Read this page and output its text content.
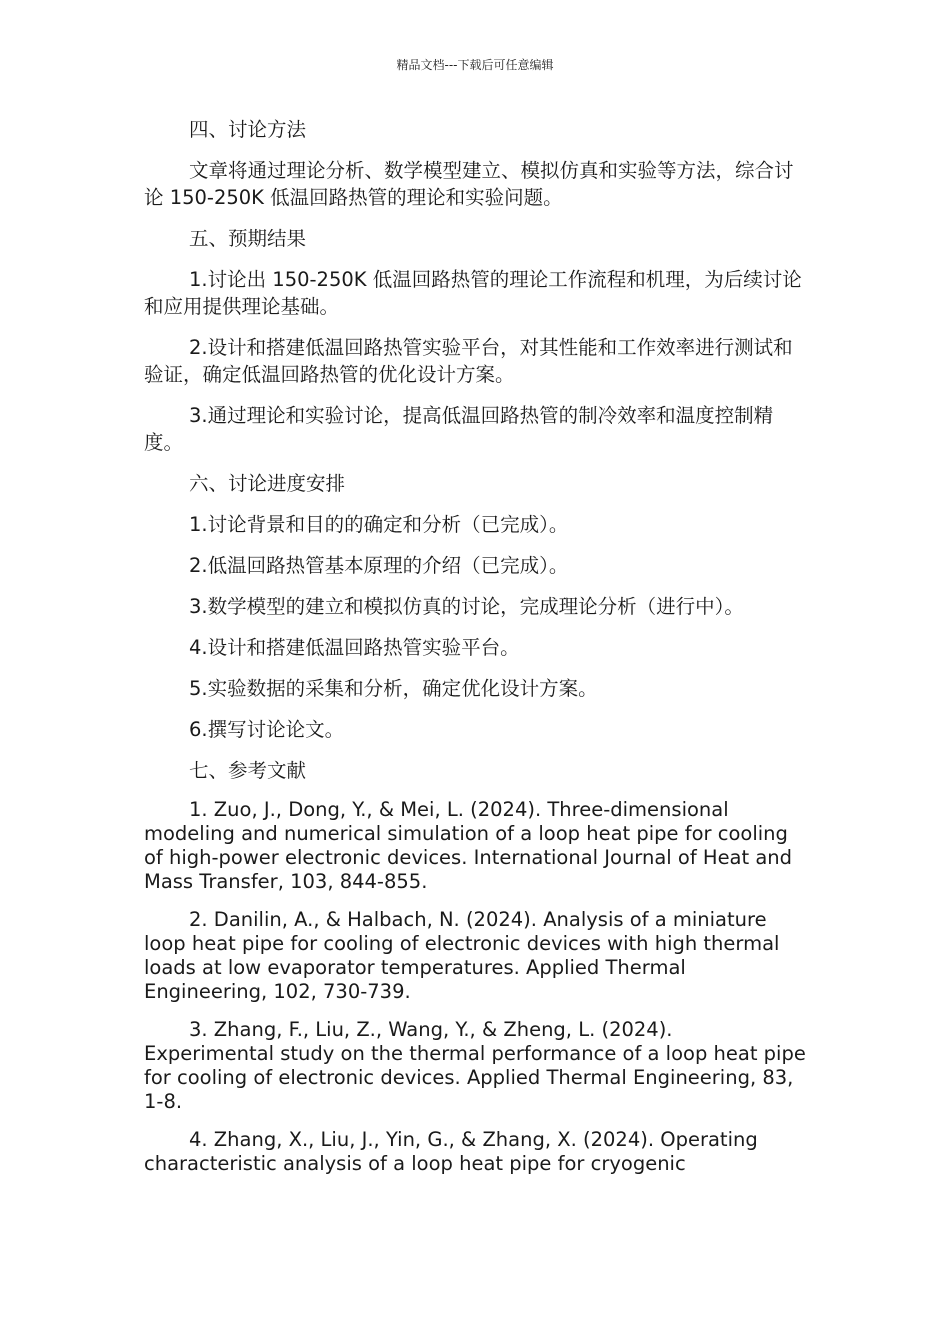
精品文档---下载后可任意编辑

四、讨论方法

文章将通过理论分析、数学模型建立、模拟仿真和实验等方法，综合讨论 150-250K 低温回路热管的理论和实验问题。

五、预期结果

1.讨论出 150-250K 低温回路热管的理论工作流程和机理，为后续讨论和应用提供理论基础。

2.设计和搭建低温回路热管实验平台，对其性能和工作效率进行测试和验证，确定低温回路热管的优化设计方案。

3.通过理论和实验讨论，提高低温回路热管的制冷效率和温度控制精度。

六、讨论进度安排

1.讨论背景和目的的确定和分析（已完成）。

2.低温回路热管基本原理的介绍（已完成）。

3.数学模型的建立和模拟仿真的讨论，完成理论分析（进行中）。

4.设计和搭建低温回路热管实验平台。

5.实验数据的采集和分析，确定优化设计方案。

6.撰写讨论论文。

七、参考文献

1. Zuo, J., Dong, Y., & Mei, L. (2024). Three-dimensional modeling and numerical simulation of a loop heat pipe for cooling of high-power electronic devices. International Journal of Heat and Mass Transfer, 103, 844-855.

2. Danilin, A., & Halbach, N. (2024). Analysis of a miniature loop heat pipe for cooling of electronic devices with high thermal loads at low evaporator temperatures. Applied Thermal Engineering, 102, 730-739.

3. Zhang, F., Liu, Z., Wang, Y., & Zheng, L. (2024). Experimental study on the thermal performance of a loop heat pipe for cooling of electronic devices. Applied Thermal Engineering, 83, 1-8.

4. Zhang, X., Liu, J., Yin, G., & Zhang, X. (2024). Operating characteristic analysis of a loop heat pipe for cryogenic
